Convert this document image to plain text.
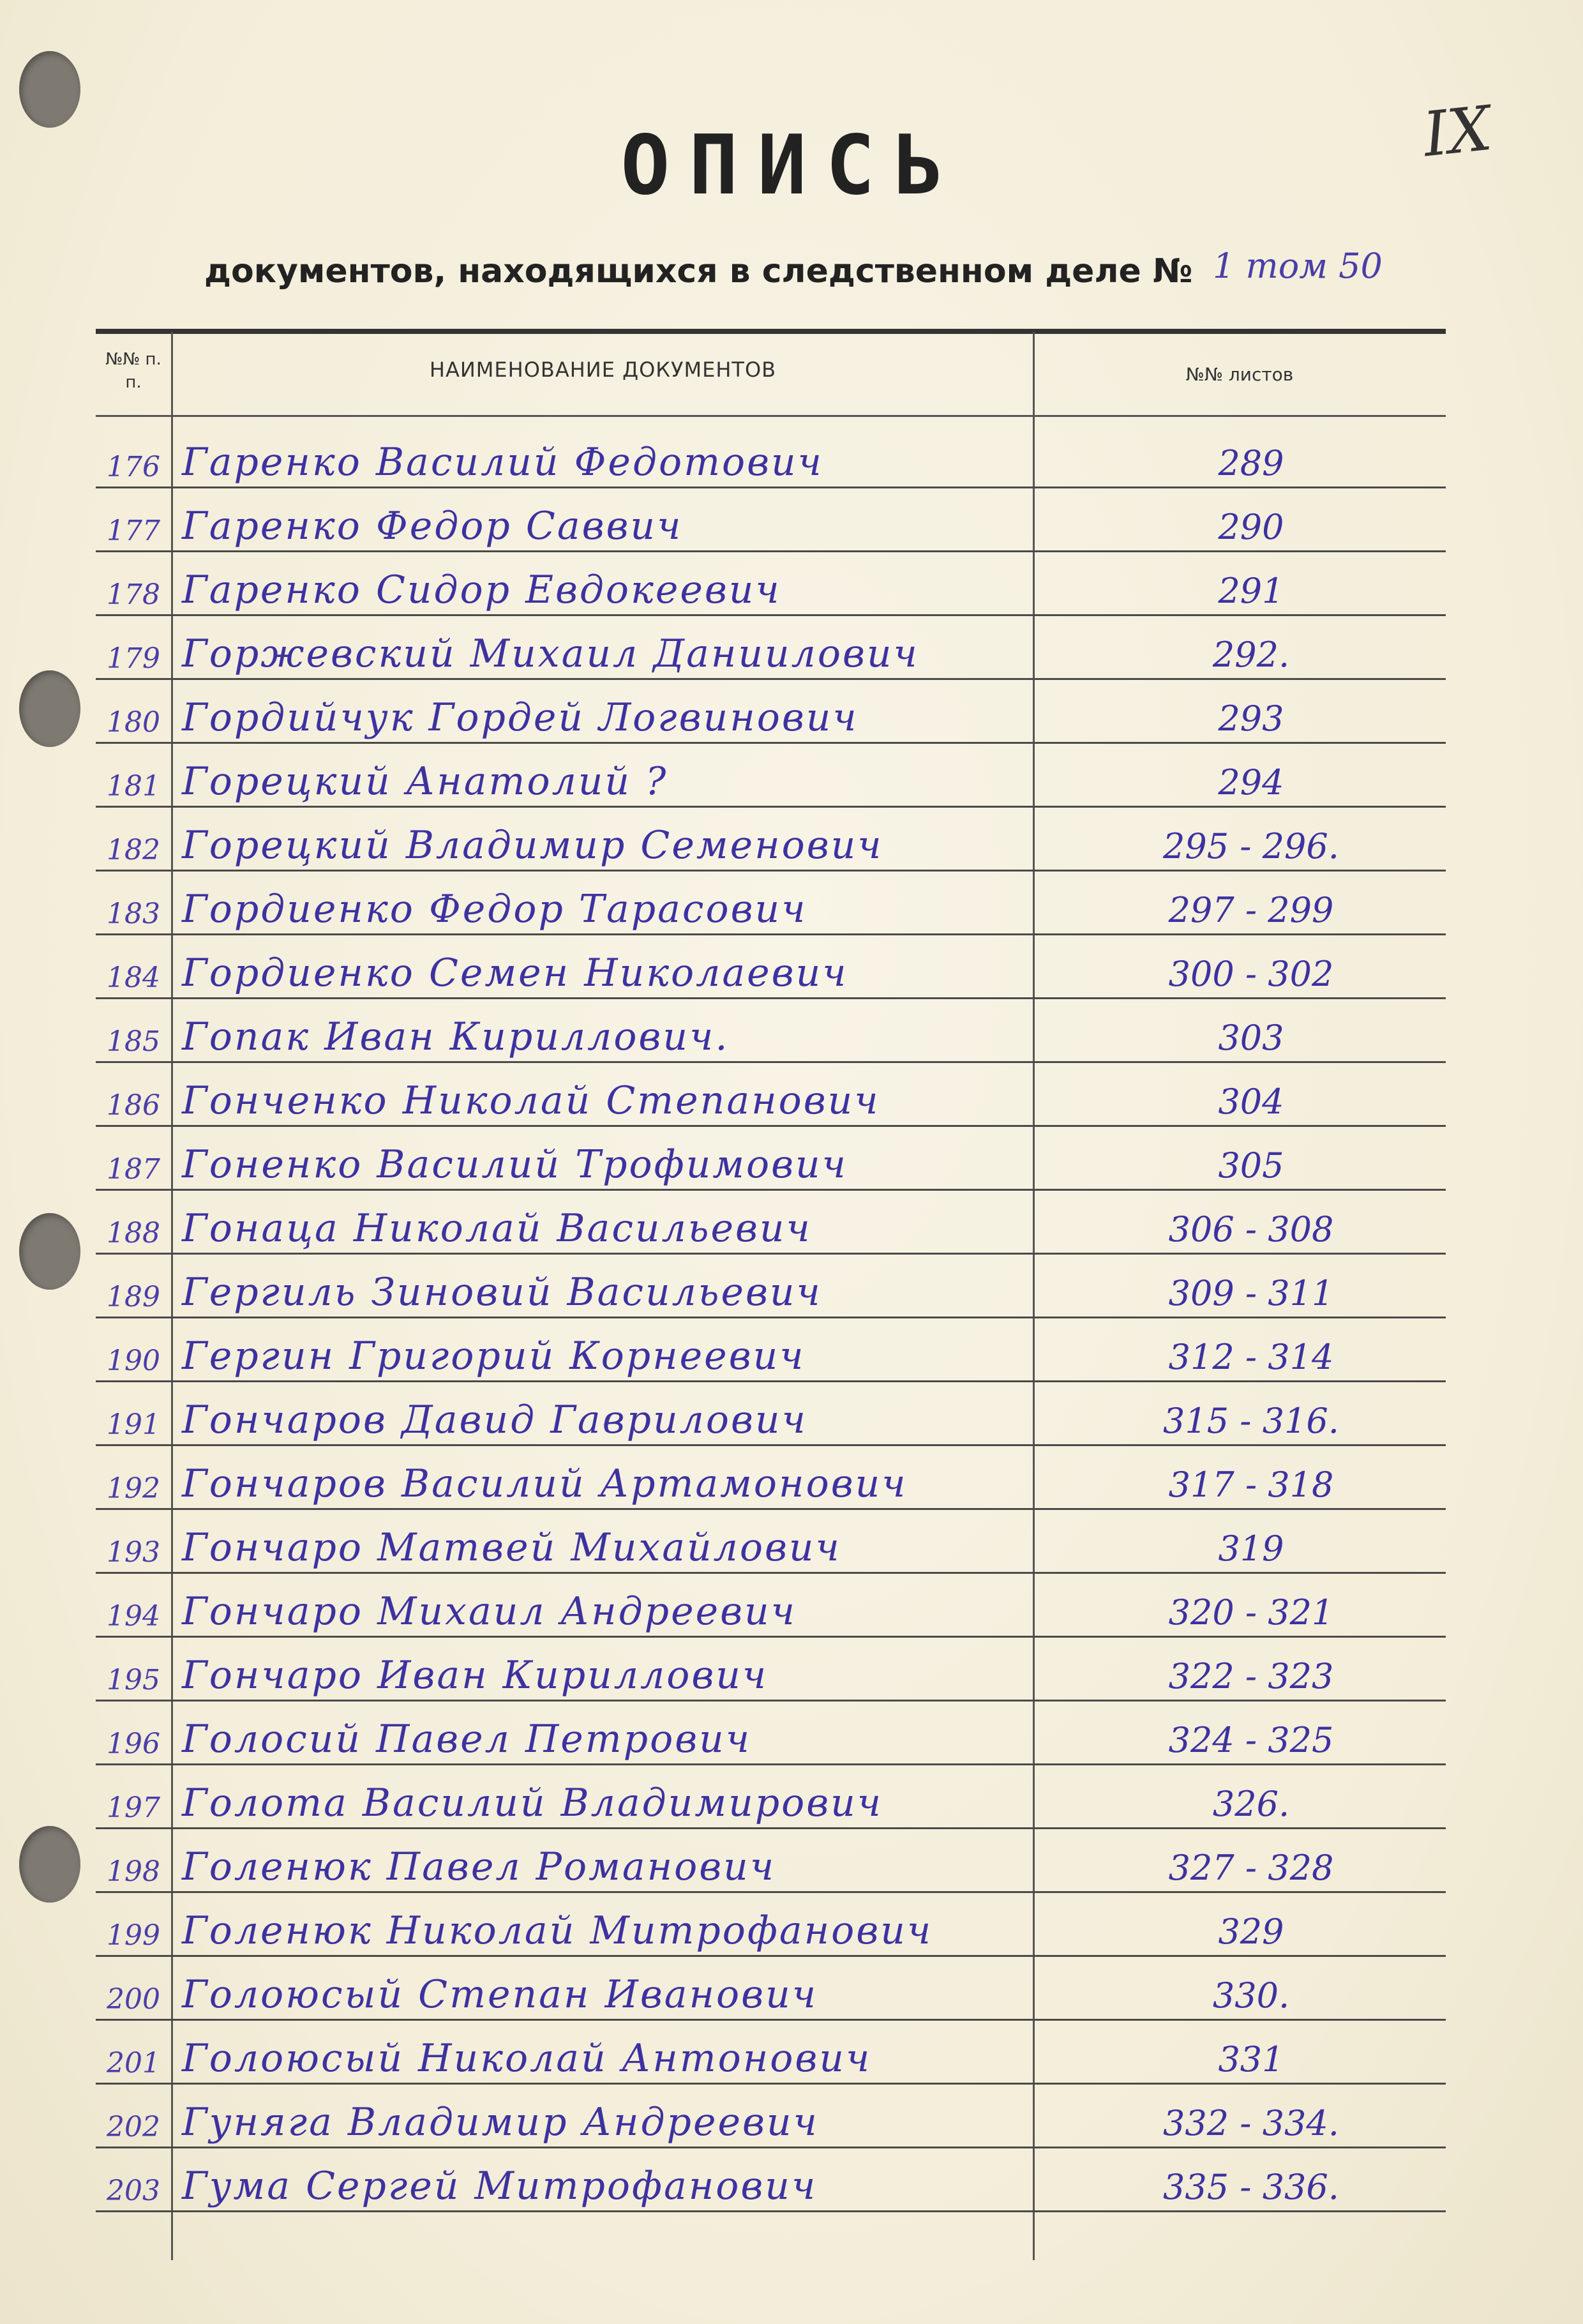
IX
ОПИСЬ
документов, находящихся в следственном деле № 1 том 50
№№ п. п.
НАИМЕНОВАНИЕ ДОКУМЕНТОВ	№№ листов
176 Гаренко Василий Федотович	289
177 Гаренко Федор Саввич	290
178 Гаренко Сидор Евдокеевич	291
179 Горжевский Михаил Даниилович	292.
180 Гордийчук Гордей Логвинович	293
181 Горецкий Анатолий ?	294
182 Горецкий Владимир Семенович	295 - 296.
183 Гордиенко Федор Тарасович	297 - 299
184 Гордиенко Семен Николаевич	300 - 302
185 Гопак Иван Кириллович.	303
186 Гонченко Николай Степанович	304
187 Гоненко Василий Трофимович	305
188 Гонаца Николай Васильевич	306 - 308
189 Гергиль Зиновий Васильевич	309 - 311
190 Гергин Григорий Корнеевич	312 - 314
191 Гончаров Давид Гаврилович	315 - 316.
192 Гончаров Василий Артамонович	317 - 318
193 Гончаро Матвей Михайлович	319
194 Гончаро Михаил Андреевич	320 - 321
195 Гончаро Иван Кириллович	322 - 323
196 Голосий Павел Петрович	324 - 325
197 Голота Василий Владимирович	326.
198 Голенюк Павел Романович	327 - 328
199 Голенюк Николай Митрофанович	329
200 Голоюсый Степан Иванович	330.
201 Голоюсый Николай Антонович	331
202 Гуняга Владимир Андреевич	332 - 334.
203 Гума Сергей Митрофанович	335 - 336.
